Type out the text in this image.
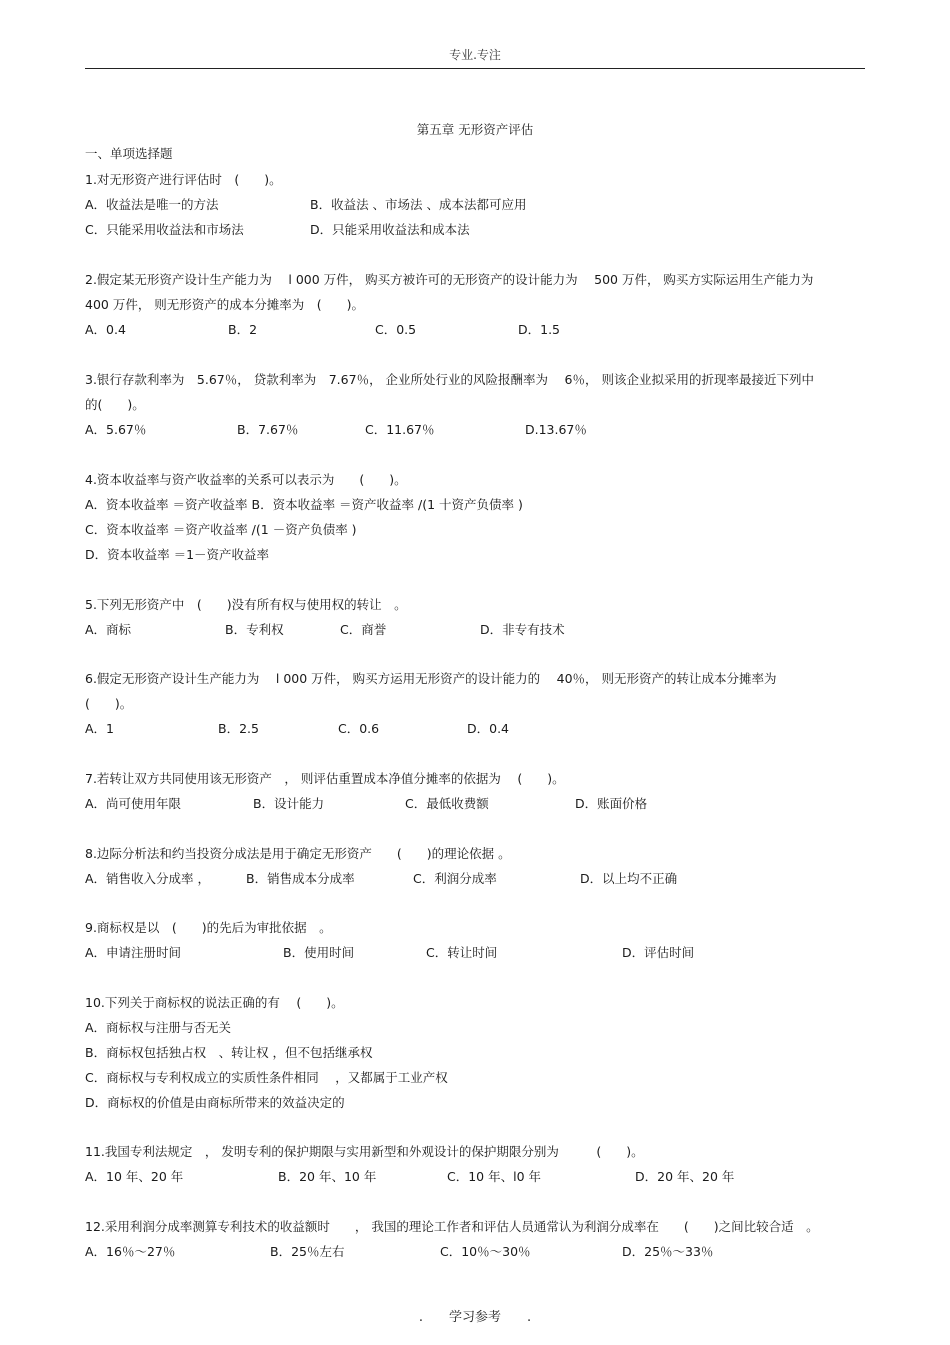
专业.专注
第五章 无形资产评估
一、单项选择题
1.对无形资产进行评估时　(　　)。
A．收益法是唯一的方法	B．收益法 、市场法 、成本法都可应用
C．只能采用收益法和市场法	D．只能采用收益法和成本法
2.假定某无形资产设计生产能力为　 l 000 万件， 购买方被许可的无形资产的设计能力为　 500 万件， 购买方实际运用生产能力为
400 万件， 则无形资产的成本分摊率为　(　　)。
A．0.4	B．2	C．0.5	D．1.5
3.银行存款利率为　5.67％， 贷款利率为　7.67％， 企业所处行业的风险报酬率为　 6％， 则该企业拟采用的折现率最接近下列中
的(　　)。
A．5.67％	B．7.67％	C．11.67％	D.13.67％
4.资本收益率与资产收益率的关系可以表示为　　(　　)。
A．资本收益率 ＝资产收益率 B．资本收益率 ＝资产收益率 /(1 十资产负债率 )
C．资本收益率 ＝资产收益率 /(1 －资产负债率 )
D．资本收益率 ＝1－资产收益率
5.下列无形资产中　(　　)没有所有权与使用权的转让　。
A．商标	B．专利权	C．商誉	D．非专有技术
6.假定无形资产设计生产能力为　 l 000 万件， 购买方运用无形资产的设计能力的　 40％， 则无形资产的转让成本分摊率为
(　　)。
A．1	B．2.5	C．0.6	D．0.4
7.若转让双方共同使用该无形资产　， 则评估重置成本净值分摊率的依据为　 (　　)。
A．尚可使用年限	B．设计能力	C．最低收费额	D．账面价格
8.边际分析法和约当投资分成法是用于确定无形资产　　(　　)的理论依据 。
A．销售收入分成率 ，	B．销售成本分成率	C．利润分成率	D．以上均不正确
9.商标权是以　(　　)的先后为审批依据　。
A．申请注册时间	B．使用时间	C．转让时间	D．评估时间
10.下列关于商标权的说法正确的有　 (　　)。
A．商标权与注册与否无关
B．商标权包括独占权　、转让权 ，但不包括继承权
C．商标权与专利权成立的实质性条件相同　 ，又都属于工业产权
D．商标权的价值是由商标所带来的效益决定的
11.我国专利法规定　， 发明专利的保护期限与实用新型和外观设计的保护期限分别为　　　(　　)。
A．10 年、20 年	B．20 年、10 年	C．10 年、l0 年	D．20 年、20 年
12.采用利润分成率测算专利技术的收益额时　　， 我国的理论工作者和评估人员通常认为利润分成率在　　(　　)之间比较合适　。
A．16％～27％	B．25％左右	C．10％～30％	D．25％～33％
.　　学习参考　　.
